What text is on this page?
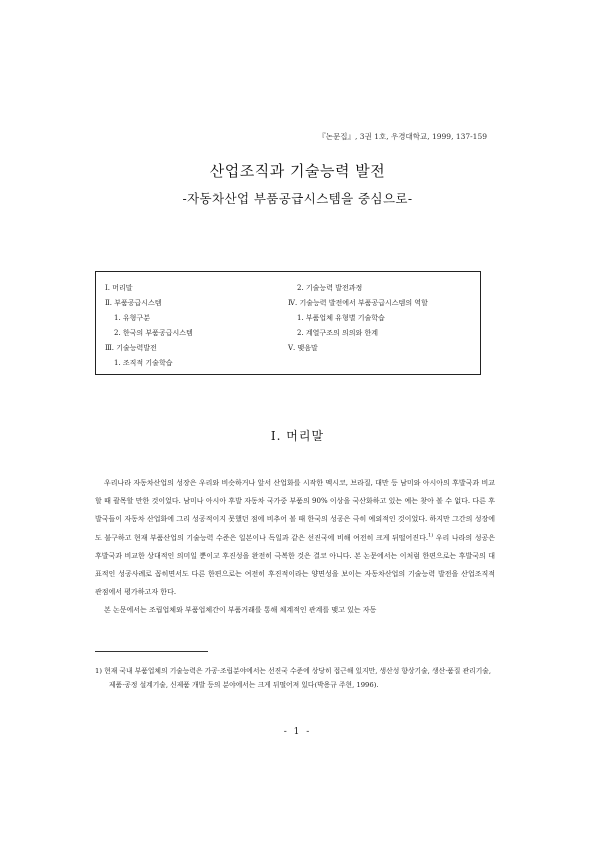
『논문집』, 3권 1호, 우경대학교, 1999, 137-159
산업조직과 기술능력 발전
-자동차산업 부품공급시스템을 중심으로-
Ⅰ. 머리말
Ⅱ. 부품공급시스템
1. 유형구분
2. 한국의 부품공급시스템
Ⅲ. 기술능력발전
1. 조직적 기술학습
2. 기술능력 발전과정
Ⅳ. 기술능력 발전에서 부품공급시스템의 역할
1. 부품업체 유형별 기술학습
2. 계열구조의 의의와 한계
Ⅴ. 맺음말
Ⅰ. 머리말

우리나라 자동차산업의 성장은 우리와 비슷하거나 앞서 산업화를 시작한 멕시코, 브라질, 대만 등 남미와 아시아의 후발국과 비교할 때 괄목할 만한 것이었다. 남미나 아시아 후발 자동차 국가중 부품의 90% 이상을 국산화하고 있는 예는 찾아 볼 수 없다. 다른 후발국들이 자동차 산업화에 그리 성공적이지 못했던 점에 비추어 볼 때 한국의 성공은 극히 예외적인 것이었다. 하지만 그간의 성장에도 불구하고 현재 부품산업의 기술능력 수준은 일본이나 독일과 같은 선진국에 비해 여전히 크게 뒤떨어진다.$^{1)}$ 우리 나라의 성공은 후발국과 비교한 상대적인 의미일 뿐이고 후진성을 완전히 극복한 것은 결코 아니다. 본 논문에서는 이처럼 한편으로는 후발국의 대표적인 성공사례로 꼽히면서도 다른 한편으로는 여전히 후진적이라는 양면성을 보이는 자동차산업의 기술능력 발전을 산업조직적 관점에서 평가하고자 한다.

본 논문에서는 조립업체와 부품업체간이 부품거래를 통해 체계적인 관계를 맺고 있는 자동

1) 현재 국내 부품업체의 기술능력은 가공·조립분야에서는 선진국 수준에 상당히 접근해 있지만, 생산성 향상기술, 생산·품질 관리기술, 제품·공정 설계기술, 신제품 개발 등의 분야에서는 크게 뒤떨어져 있다(박용규 주현, 1996).
- 1 -
